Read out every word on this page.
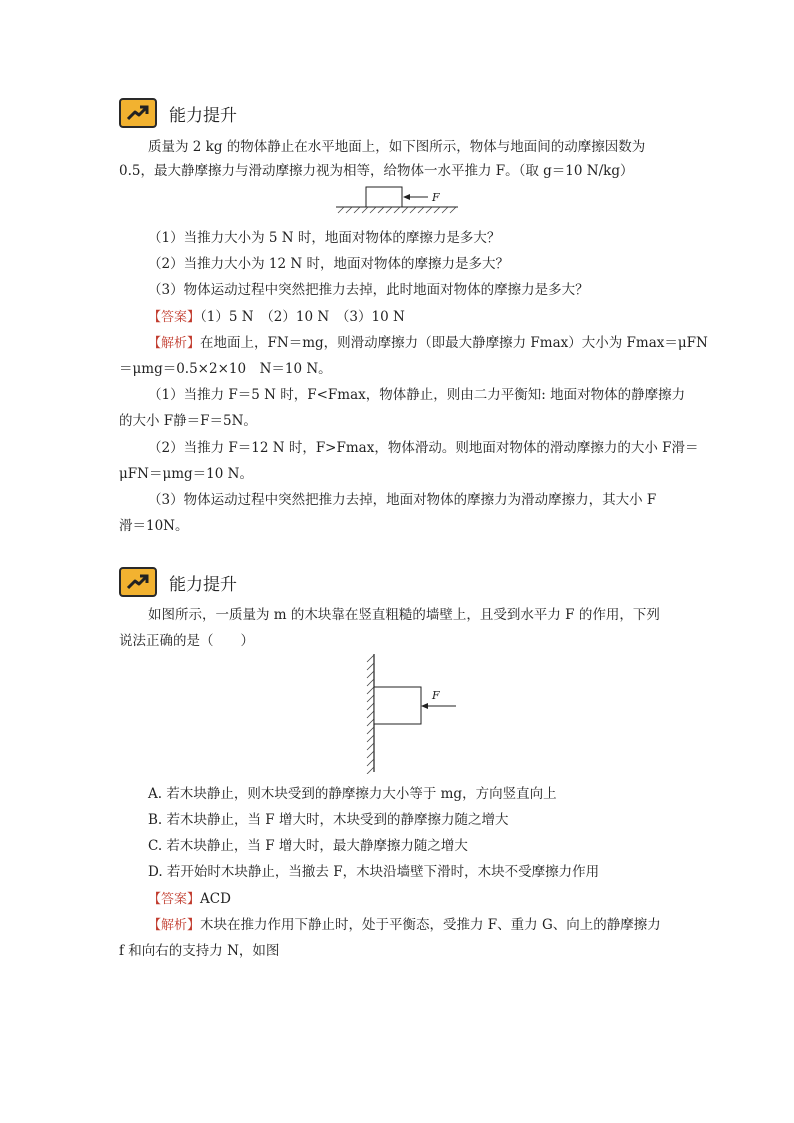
能力提升
质量为 2 kg 的物体静止在水平地面上，如下图所示，物体与地面间的动摩擦因数为
0.5，最大静摩擦力与滑动摩擦力视为相等，给物体一水平推力 F。（取 g＝10 N/kg）
F
（1）当推力大小为 5 N 时，地面对物体的摩擦力是多大？
（2）当推力大小为 12 N 时，地面对物体的摩擦力是多大？
（3）物体运动过程中突然把推力去掉，此时地面对物体的摩擦力是多大？
【答案】（1）5 N　（2）10 N　（3）10 N
【解析】在地面上，FN＝mg，则滑动摩擦力（即最大静摩擦力 Fmax）大小为 Fmax＝μFN
＝μmg＝0.5×2×10　N＝10 N。
（1）当推力 F＝5 N 时，F<Fmax，物体静止，则由二力平衡知: 地面对物体的静摩擦力
的大小 F静＝F＝5N。
（2）当推力 F＝12 N 时，F>Fmax，物体滑动。则地面对物体的滑动摩擦力的大小 F滑＝
μFN＝μmg＝10 N。
（3）物体运动过程中突然把推力去掉，地面对物体的摩擦力为滑动摩擦力，其大小 F
滑＝10N。
能力提升
如图所示，一质量为 m 的木块靠在竖直粗糙的墙壁上，且受到水平力 F 的作用，下列
说法正确的是（　　）
F
A. 若木块静止，则木块受到的静摩擦力大小等于 mg，方向竖直向上
B. 若木块静止，当 F 增大时，木块受到的静摩擦力随之增大
C. 若木块静止，当 F 增大时，最大静摩擦力随之增大
D. 若开始时木块静止，当撤去 F，木块沿墙壁下滑时，木块不受摩擦力作用
【答案】ACD
【解析】木块在推力作用下静止时，处于平衡态，受推力 F、重力 G、向上的静摩擦力
f 和向右的支持力 N，如图
